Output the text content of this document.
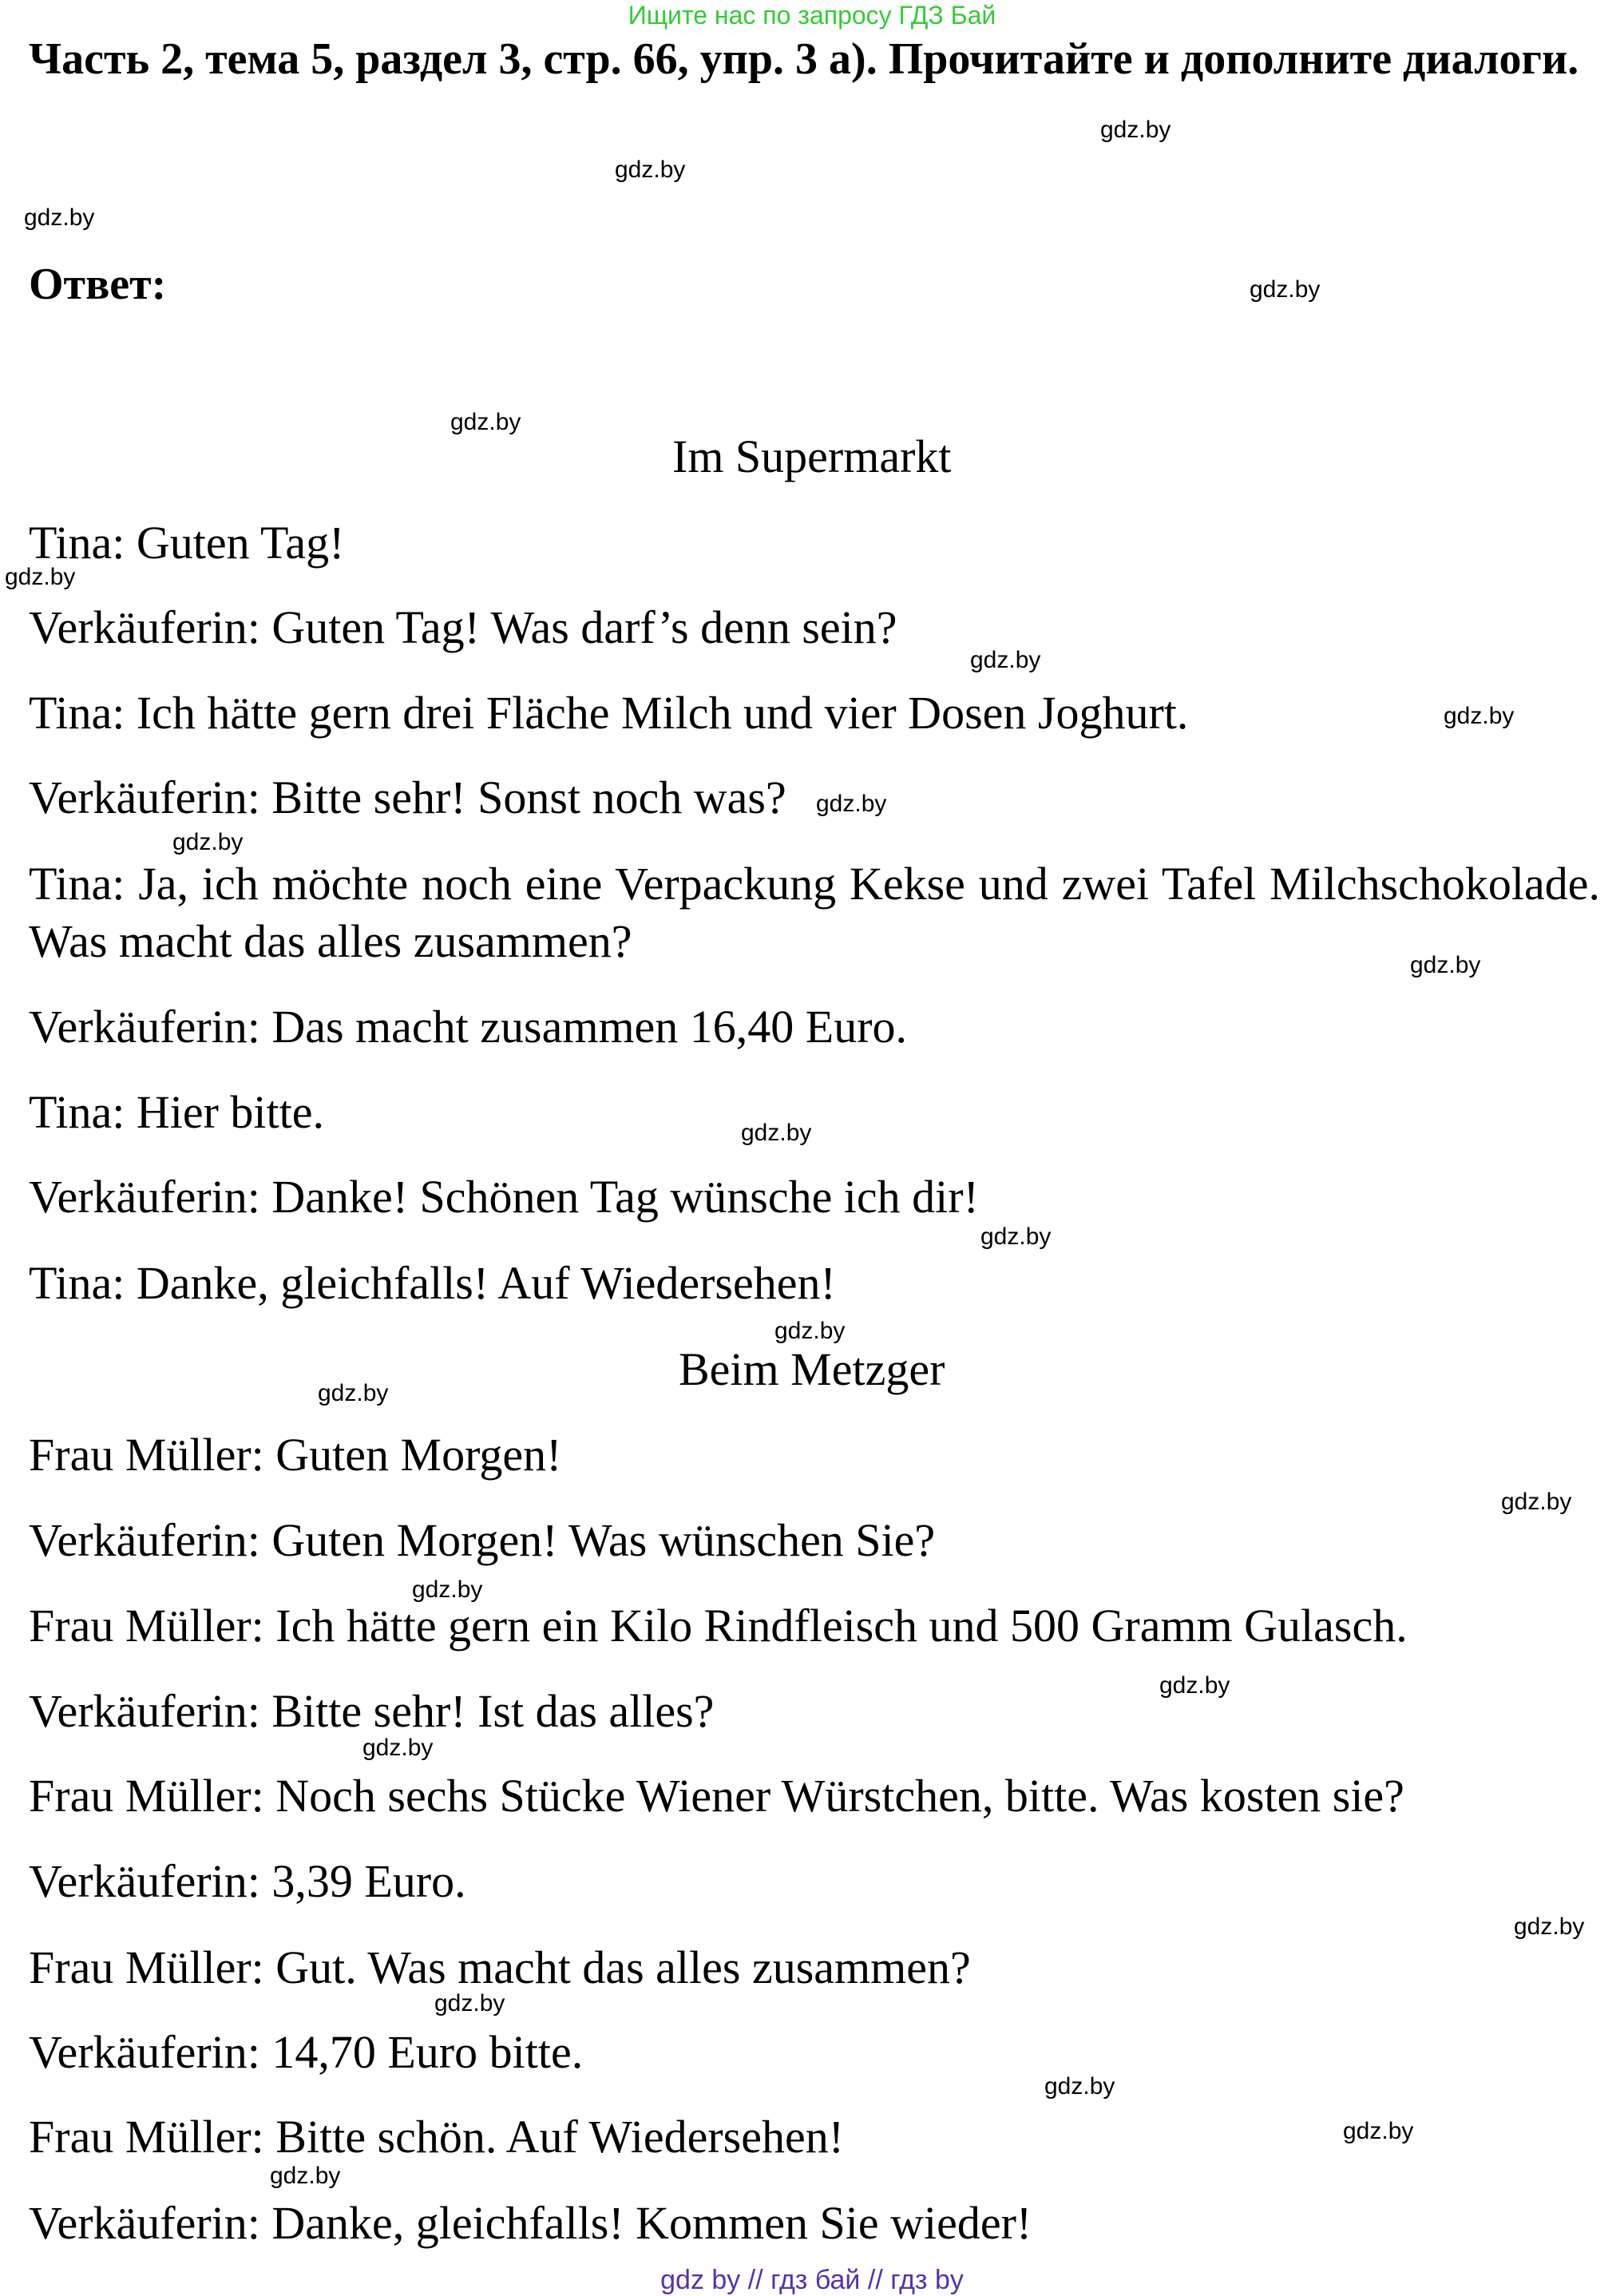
Ищите нас по запросу ГДЗ Бай
Часть 2, тема 5, раздел 3, стр. 66, упр. 3 а). Прочитайте и дополните диалоги.
Ответ:
Im Supermarkt
Tina: Guten Tag!
Verkäuferin: Guten Tag! Was darf’s denn sein?
Tina: Ich hätte gern drei Fläche Milch und vier Dosen Joghurt.
Verkäuferin: Bitte sehr! Sonst noch was?
Tina: Ja, ich möchte noch eine Verpackung Kekse und zwei Tafel Milchschokolade. Was macht das alles zusammen?
Verkäuferin: Das macht zusammen 16,40 Euro.
Tina: Hier bitte.
Verkäuferin: Danke! Schönen Tag wünsche ich dir!
Tina: Danke, gleichfalls! Auf Wiedersehen!
Beim Metzger
Frau Müller: Guten Morgen!
Verkäuferin: Guten Morgen! Was wünschen Sie?
Frau Müller: Ich hätte gern ein Kilo Rindfleisch und 500 Gramm Gulasch.
Verkäuferin: Bitte sehr! Ist das alles?
Frau Müller: Noch sechs Stücke Wiener Würstchen, bitte. Was kosten sie?
Verkäuferin: 3,39 Euro.
Frau Müller: Gut. Was macht das alles zusammen?
Verkäuferin: 14,70 Euro bitte.
Frau Müller: Bitte schön. Auf Wiedersehen!
Verkäuferin: Danke, gleichfalls! Kommen Sie wieder!
gdz.by
gdz.by
gdz.by
gdz.by
gdz.by
gdz.by
gdz.by
gdz.by
gdz.by
gdz.by
gdz.by
gdz.by
gdz.by
gdz.by
gdz.by
gdz.by
gdz.by
gdz.by
gdz.by
gdz.by
gdz.by
gdz.by
gdz.by
gdz.by
gdz by // гдз бай // гдз by
